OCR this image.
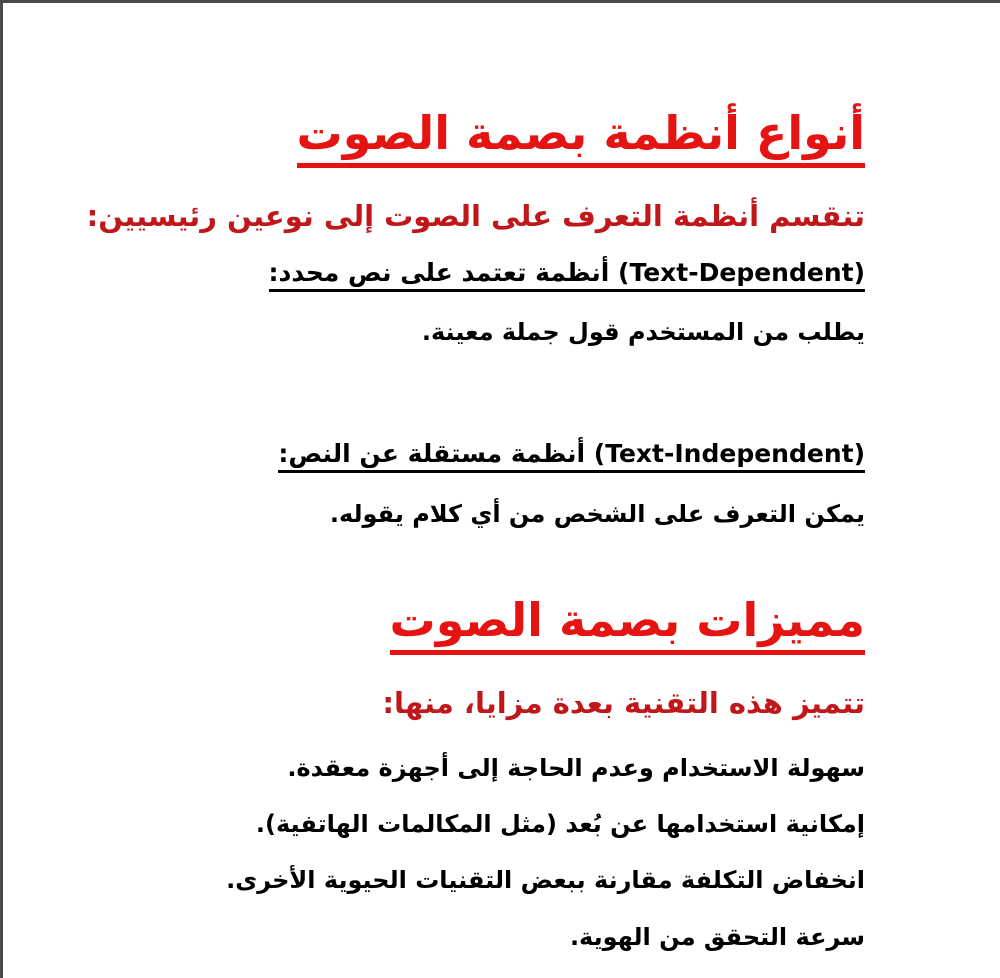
أنواع أنظمة بصمة الصوت

تنقسم أنظمة التعرف على الصوت إلى نوعين رئيسيين:

(Text-Dependent) أنظمة تعتمد على نص محدد:

يطلب من المستخدم قول جملة معينة.

(Text-Independent) أنظمة مستقلة عن النص:

يمكن التعرف على الشخص من أي كلام يقوله.

مميزات بصمة الصوت

تتميز هذه التقنية بعدة مزايا، منها:

سهولة الاستخدام وعدم الحاجة إلى أجهزة معقدة.

إمكانية استخدامها عن بُعد (مثل المكالمات الهاتفية).

انخفاض التكلفة مقارنة ببعض التقنيات الحيوية الأخرى.

سرعة التحقق من الهوية.
